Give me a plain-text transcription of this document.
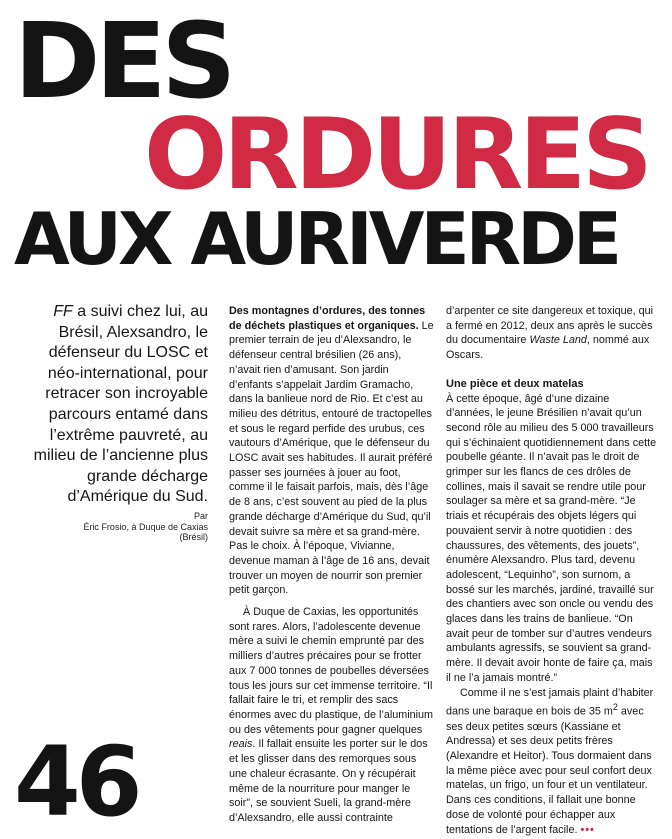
DES
ORDURES
AUX AURIVERDE

FF a suivi chez lui, au Brésil, Alexsandro, le défenseur du LOSC et néo-international, pour retracer son incroyable parcours entamé dans l’extrême pauvreté, au milieu de l’ancienne plus grande décharge d’Amérique du Sud.

Par

Éric Frosio, à Duque de Caxias (Brésil)

46

Des montagnes d’ordures, des tonnes de déchets plastiques et organiques. Le premier terrain de jeu d’Alexsandro, le défenseur central brésilien (26 ans), n’avait rien d’amusant. Son jardin d’enfants s’appelait Jardim Gramacho, dans la banlieue nord de Rio. Et c’est au milieu des détritus, entouré de tractopelles et sous le regard perfide des urubus, ces vautours d’Amérique, que le défenseur du LOSC avait ses habitudes. Il aurait préféré passer ses journées à jouer au foot, comme il le faisait parfois, mais, dès l’âge de 8 ans, c’est souvent au pied de la plus grande décharge d’Amérique du Sud, qu’il devait suivre sa mère et sa grand-mère. Pas le choix. À l’époque, Vivianne, devenue maman à l’âge de 16 ans, devait trouver un moyen de nourrir son premier petit garçon.

À Duque de Caxias, les opportunités sont rares. Alors, l’adolescente devenue mère a suivi le chemin emprunté par des milliers d’autres précaires pour se frotter aux 7 000 tonnes de poubelles déversées tous les jours sur cet immense territoire. “Il fallait faire le tri, et remplir des sacs énormes avec du plastique, de l’aluminium ou des vêtements pour gagner quelques reais. Il fallait ensuite les porter sur le dos et les glisser dans des remorques sous une chaleur écrasante. On y récupérait même de la nourriture pour manger le soir”, se souvient Sueli, la grand-mère d’Alexsandro, elle aussi contrainte

d’arpenter ce site dangereux et toxique, qui a fermé en 2012, deux ans après le succès du documentaire Waste Land, nommé aux Oscars.

Une pièce et deux matelas

À cette époque, âgé d’une dizaine d’années, le jeune Brésilien n’avait qu’un second rôle au milieu des 5 000 travailleurs qui s’échinaient quotidiennement dans cette poubelle géante. Il n’avait pas le droit de grimper sur les flancs de ces drôles de collines, mais il savait se rendre utile pour soulager sa mère et sa grand-mère. “Je triais et récupérais des objets légers qui pouvaient servir à notre quotidien : des chaussures, des vêtements, des jouets”, énumère Alexsandro. Plus tard, devenu adolescent, “Lequinho”, son surnom, a bossé sur les marchés, jardiné, travaillé sur des chantiers avec son oncle ou vendu des glaces dans les trains de banlieue. “On avait peur de tomber sur d’autres vendeurs ambulants agressifs, se souvient sa grand-mère. Il devait avoir honte de faire ça, mais il ne l’a jamais montré.”

Comme il ne s’est jamais plaint d’habiter dans une baraque en bois de 35 $m^2$ avec ses deux petites sœurs (Kassiane et Andressa) et ses deux petits frères (Alexandre et Heitor). Tous dormaient dans la même pièce avec pour seul confort deux matelas, un frigo, un four et un ventilateur. Dans ces conditions, il fallait une bonne dose de volonté pour échapper aux tentations de l’argent facile. •••
